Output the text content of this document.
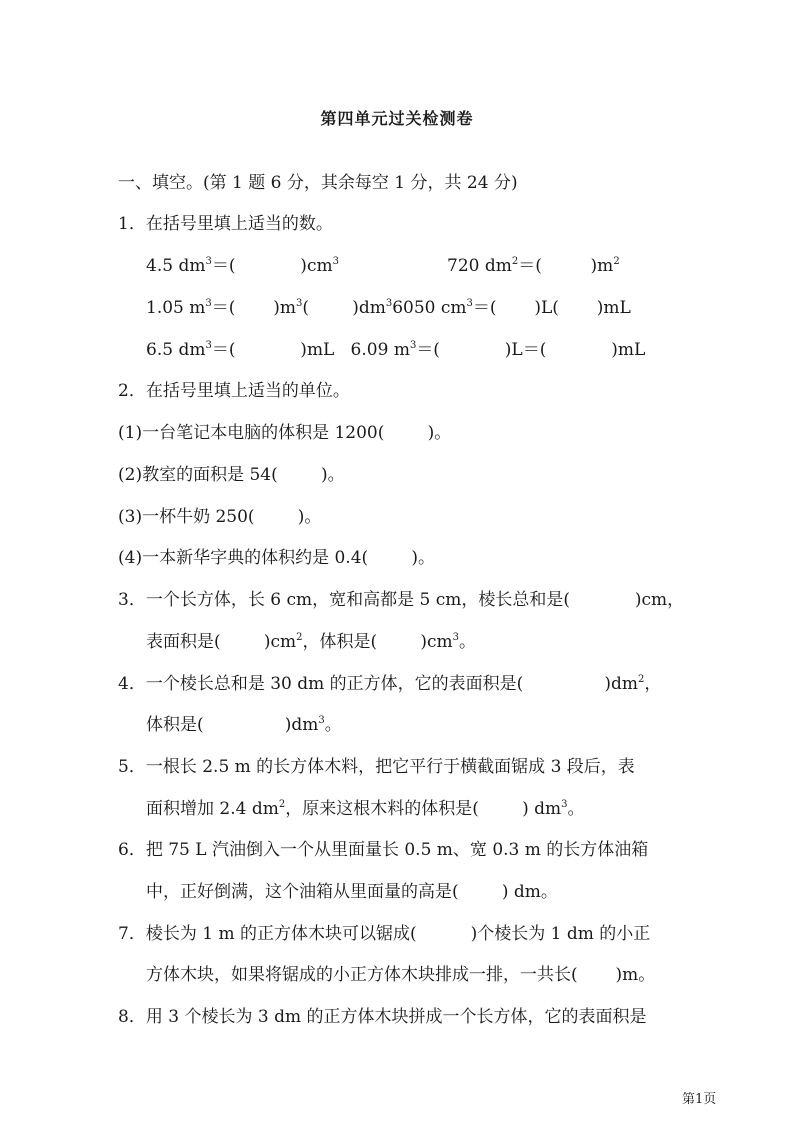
第四单元过关检测卷
一、填空。(第 1 题 6 分，其余每空 1 分，共 24 分)
1．在括号里填上适当的数。
4.5 $dm^3=$(            )$cm^3$                    720 $dm^2=$(         )$m^2$
1.05 $m^3=$(       )$m^3$(        )$dm^36050$ $cm^3=$(       )L(       )mL
6.5 $dm^3=$(            )mL   6.09 $m^3=$(            )L＝(            )mL
2．在括号里填上适当的单位。
(1)一台笔记本电脑的体积是 1200(        )。
(2)教室的面积是 54(        )。
(3)一杯牛奶 250(        )。
(4)一本新华字典的体积约是 0.4(        )。
3．一个长方体，长 6 cm，宽和高都是 5 cm，棱长总和是(            )cm，
表面积是(        )$cm^2$，体积是(        )$cm^3$。
4．一个棱长总和是 30 dm 的正方体，它的表面积是(               )$dm^2$，
体积是(               )$dm^3$。
5．一根长 2.5 m 的长方体木料，把它平行于横截面锯成 3 段后，表
面积增加 2.4 $dm^2$，原来这根木料的体积是(        ) $dm^3$。
6．把 75 L 汽油倒入一个从里面量长 0.5 m、宽 0.3 m 的长方体油箱
中，正好倒满，这个油箱从里面量的高是(        ) dm。
7．棱长为 1 m 的正方体木块可以锯成(          )个棱长为 1 dm 的小正
方体木块，如果将锯成的小正方体木块排成一排，一共长(       )m。
8．用 3 个棱长为 3 dm 的正方体木块拼成一个长方体，它的表面积是
第1页
